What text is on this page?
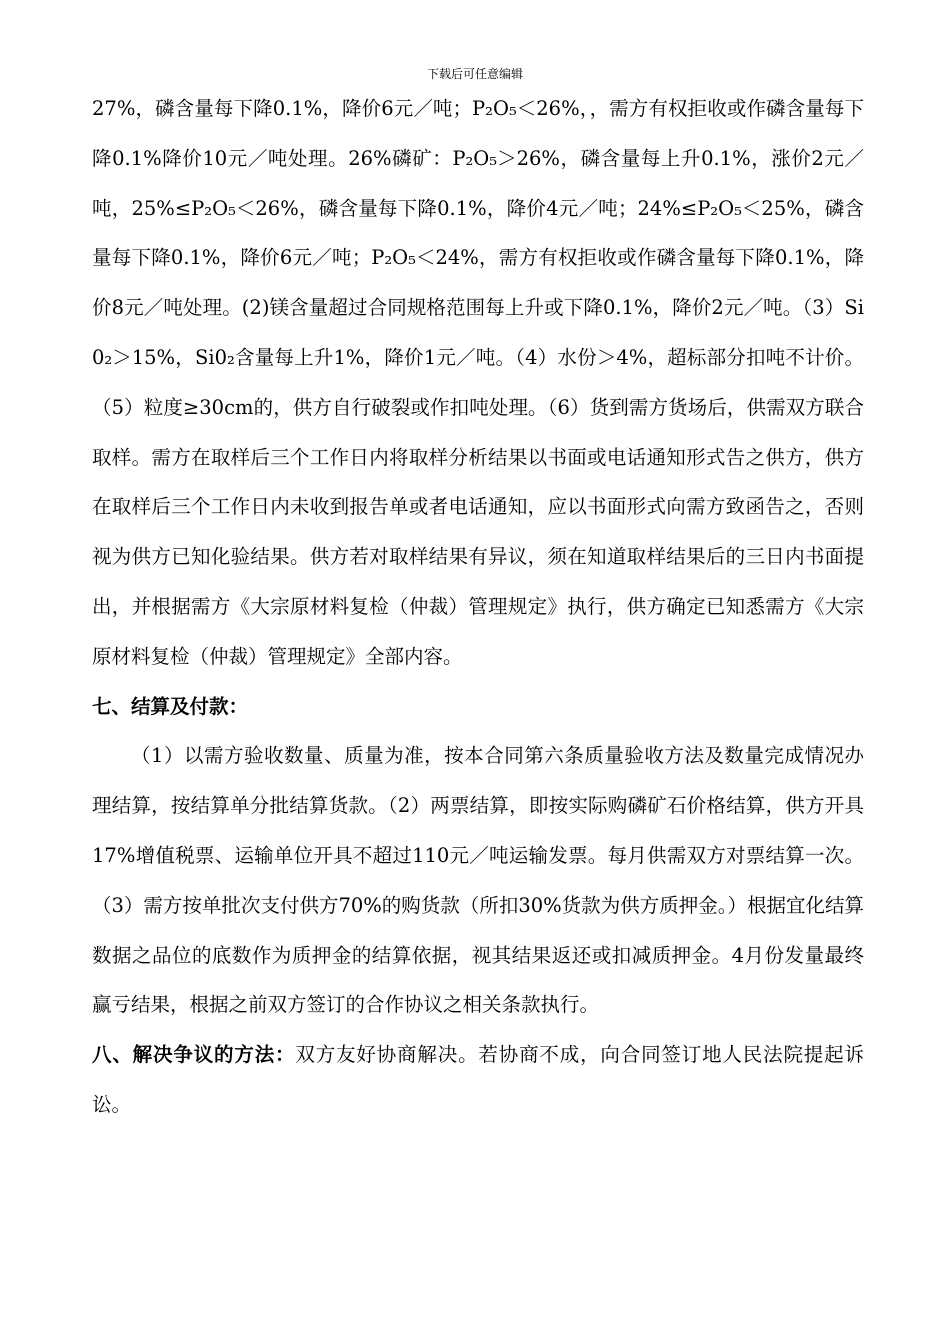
下载后可任意编辑

27%，磷含量每下降0.1%，降价6元／吨；P₂O₅＜26%，，需方有权拒收或作磷含量每下降0.1%降价10元／吨处理。26%磷矿：P₂O₅＞26%，磷含量每上升0.1%，涨价2元／吨，25%≤P₂O₅＜26%，磷含量每下降0.1%，降价4元／吨；24%≤P₂O₅＜25%，磷含量每下降0.1%，降价6元／吨；P₂O₅＜24%，需方有权拒收或作磷含量每下降0.1%，降价8元／吨处理。(2)镁含量超过合同规格范围每上升或下降0.1%，降价2元／吨。（3）Si0₂＞15%，Si0₂含量每上升1%，降价1元／吨。（4）水份＞4%，超标部分扣吨不计价。（5）粒度≥30cm的，供方自行破裂或作扣吨处理。（6）货到需方货场后，供需双方联合取样。需方在取样后三个工作日内将取样分析结果以书面或电话通知形式告之供方，供方在取样后三个工作日内未收到报告单或者电话通知，应以书面形式向需方致函告之，否则视为供方已知化验结果。供方若对取样结果有异议，须在知道取样结果后的三日内书面提出，并根据需方《大宗原材料复检（仲裁）管理规定》执行，供方确定已知悉需方《大宗原材料复检（仲裁）管理规定》全部内容。

七、结算及付款：

（1）以需方验收数量、质量为准，按本合同第六条质量验收方法及数量完成情况办理结算，按结算单分批结算货款。（2）两票结算，即按实际购磷矿石价格结算，供方开具17%增值税票、运输单位开具不超过110元／吨运输发票。每月供需双方对票结算一次。（3）需方按单批次支付供方70%的购货款（所扣30%货款为供方质押金。）根据宜化结算数据之品位的底数作为质押金的结算依据，视其结果返还或扣减质押金。4月份发量最终赢亏结果，根据之前双方签订的合作协议之相关条款执行。

八、解决争议的方法：双方友好协商解决。若协商不成，向合同签订地人民法院提起诉讼。
